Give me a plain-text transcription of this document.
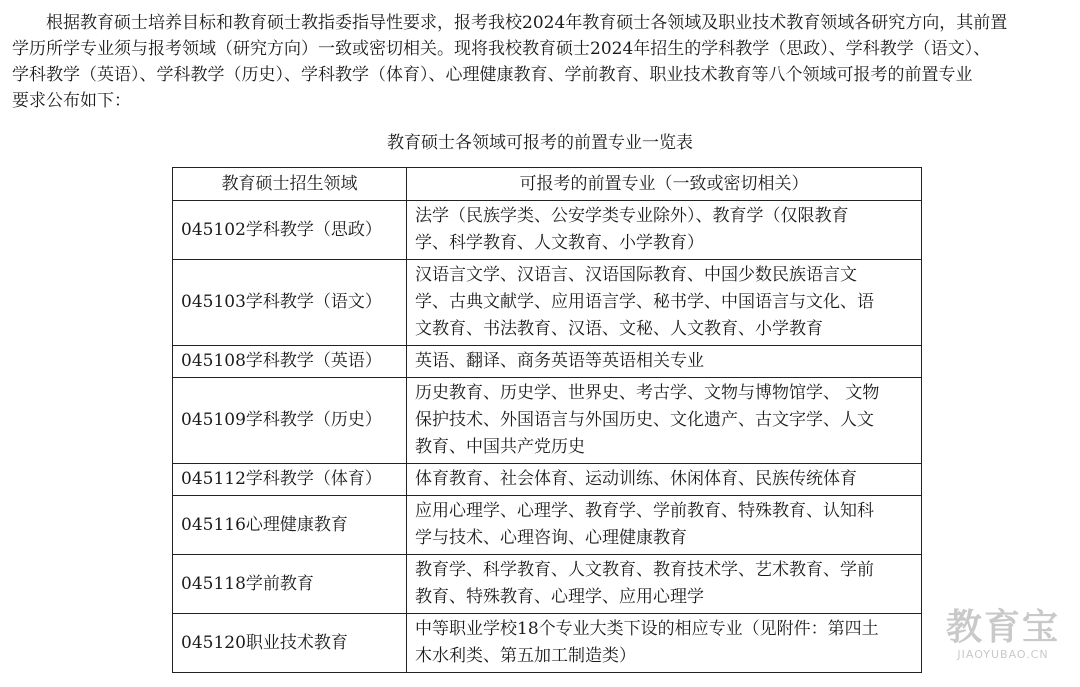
根据教育硕士培养目标和教育硕士教指委指导性要求，报考我校2024年教育硕士各领域及职业技术教育领域各研究方向，其前置
学历所学专业须与报考领域（研究方向）一致或密切相关。现将我校教育硕士2024年招生的学科教学（思政）、学科教学（语文）、
学科教学（英语）、学科教学（历史）、学科教学（体育）、心理健康教育、学前教育、职业技术教育等八个领域可报考的前置专业
要求公布如下：
教育硕士各领域可报考的前置专业一览表
教育硕士招生领域	可报考的前置专业（一致或密切相关）
045102学科教学（思政）	法学（民族学类、公安学类专业除外）、教育学（仅限教育
学、科学教育、人文教育、小学教育）

045103学科教学（语文）	汉语言文学、汉语言、汉语国际教育、中国少数民族语言文
学、古典文献学、应用语言学、秘书学、中国语言与文化、语
文教育、书法教育、汉语、文秘、人文教育、小学教育

045108学科教学（英语）	英语、翻译、商务英语等英语相关专业

045109学科教学（历史）	历史教育、历史学、世界史、考古学、文物与博物馆学、 文物
保护技术、外国语言与外国历史、文化遗产、古文字学、人文
教育、中国共产党历史

045112学科教学（体育）	体育教育、社会体育、运动训练、休闲体育、民族传统体育

045116心理健康教育	应用心理学、心理学、教育学、学前教育、特殊教育、认知科
学与技术、心理咨询、心理健康教育

045118学前教育	教育学、科学教育、人文教育、教育技术学、艺术教育、学前
教育、特殊教育、心理学、应用心理学

045120职业技术教育	中等职业学校18个专业大类下设的相应专业（见附件：第四土
木水利类、第五加工制造类）
教育宝
JIAOYUBAO.CN
